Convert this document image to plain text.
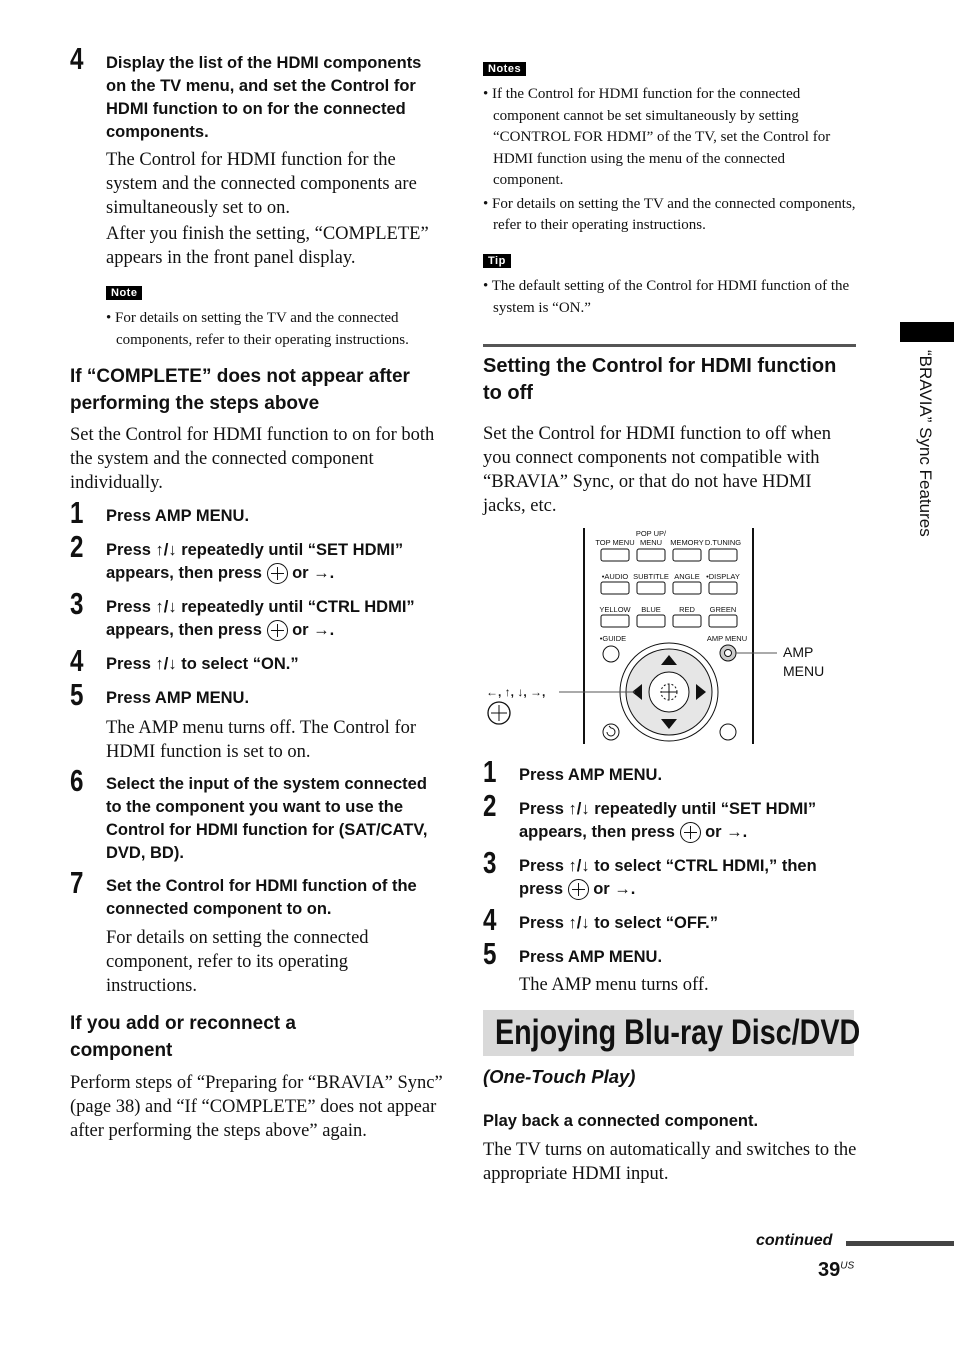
4 Display the list of the HDMI components on the TV menu, and set the Control for HDMI function to on for the connected components.
The Control for HDMI function for the system and the connected components are simultaneously set to on.
After you finish the setting, “COMPLETE” appears in the front panel display.
Note

• For details on setting the TV and the connected components, refer to their operating instructions.

If “COMPLETE” does not appear after performing the steps above
Set the Control for HDMI function to on for both the system and the connected component individually.
1 Press AMP MENU.
2 Press ↑/↓ repeatedly until “SET HDMI” appears, then press or →.
3 Press ↑/↓ repeatedly until “CTRL HDMI” appears, then press or →.
4 Press ↑/↓ to select “ON.”
5 Press AMP MENU.
The AMP menu turns off. The Control for HDMI function is set to on.
6 Select the input of the system connected to the component you want to use the Control for HDMI function for (SAT/CATV, DVD, BD).
7 Set the Control for HDMI function of the connected component to on.
For details on setting the connected component, refer to its operating instructions.
If you add or reconnect a component
Perform steps of “Preparing for “BRAVIA” Sync” (page 38) and “If “COMPLETE” does not appear after performing the steps above” again.
Notes

• If the Control for HDMI function for the connected component cannot be set simultaneously by setting “CONTROL FOR HDMI” of the TV, set the Control for HDMI function using the menu of the connected component.

• For details on setting the TV and the connected components, refer to their operating instructions.

Tip

• The default setting of the Control for HDMI function of the system is “ON.”

Setting the Control for HDMI function to off
Set the Control for HDMI function to off when you connect components not compatible with “BRAVIA” Sync, or that do not have HDMI jacks, etc.
TOP MENU
POP UP/
MENU MEMORY D.TUNING
•AUDIO SUBTITLE ANGLE •DISPLAY
YELLOW BLUE RED GREEN
•GUIDE	AMP MENU
AMP
MENU
←, ↑, ↓, →,
1 Press AMP MENU.
2 Press ↑/↓ repeatedly until “SET HDMI” appears, then press or →.
3 Press ↑/↓ to select “CTRL HDMI,” then press or →.
4 Press ↑/↓ to select “OFF.”
5 Press AMP MENU.
The AMP menu turns off.
(One-Touch Play)
Play back a connected component.
The TV turns on automatically and switches to the appropriate HDMI input.
Enjoying Blu-ray Disc/DVD
“BRAVIA” Sync Features
continued
$39^{US}$
